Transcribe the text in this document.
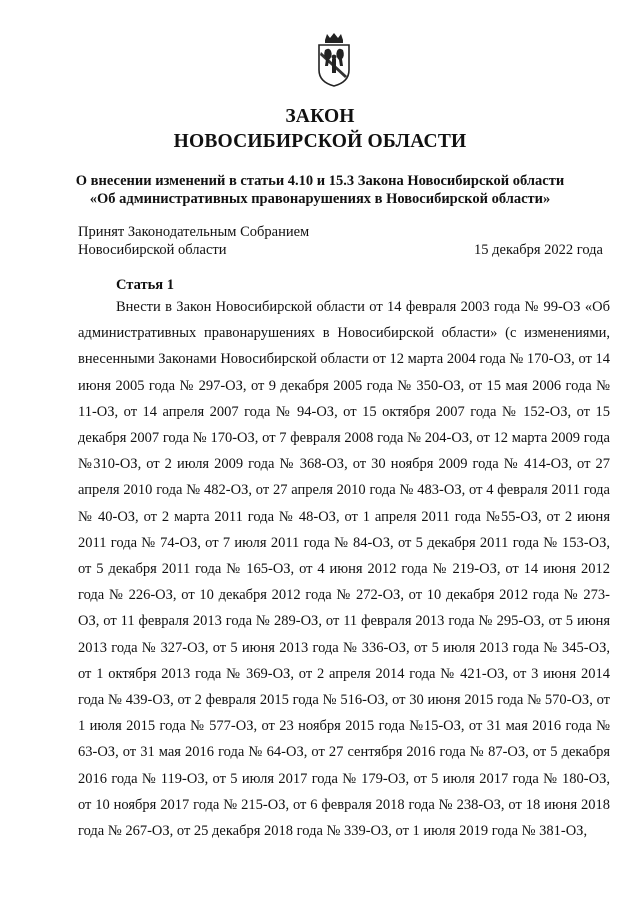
ЗАКОН
НОВОСИБИРСКОЙ ОБЛАСТИ

О внесении изменений в статьи 4.10 и 15.3 Закона Новосибирской области

«Об административных правонарушениях в Новосибирской области»

Принят Законодательным Собранием
Новосибирской области	15 декабря 2022 года
Статья 1

Внести в Закон Новосибирской области от 14 февраля 2003 года № 99-ОЗ «Об административных правонарушениях в Новосибирской области» (с изменениями, внесенными Законами Новосибирской области от 12 марта 2004 года № 170-ОЗ, от 14 июня 2005 года № 297-ОЗ, от 9 декабря 2005 года № 350-ОЗ, от 15 мая 2006 года № 11-ОЗ, от 14 апреля 2007 года № 94-ОЗ, от 15 октября 2007 года № 152-ОЗ, от 15 декабря 2007 года № 170-ОЗ, от 7 февраля 2008 года № 204-ОЗ, от 12 марта 2009 года №310-ОЗ, от 2 июля 2009 года № 368-ОЗ, от 30 ноября 2009 года № 414-ОЗ, от 27 апреля 2010 года № 482-ОЗ, от 27 апреля 2010 года № 483-ОЗ, от 4 февраля 2011 года № 40-ОЗ, от 2 марта 2011 года № 48-ОЗ, от 1 апреля 2011 года №55-ОЗ, от 2 июня 2011 года № 74-ОЗ, от 7 июля 2011 года № 84-ОЗ, от 5 декабря 2011 года № 153-ОЗ, от 5 декабря 2011 года № 165-ОЗ, от 4 июня 2012 года № 219-ОЗ, от 14 июня 2012 года № 226-ОЗ, от 10 декабря 2012 года № 272-ОЗ, от 10 декабря 2012 года № 273-ОЗ, от 11 февраля 2013 года № 289-ОЗ, от 11 февраля 2013 года № 295-ОЗ, от 5 июня 2013 года № 327-ОЗ, от 5 июня 2013 года № 336-ОЗ, от 5 июля 2013 года № 345-ОЗ, от 1 октября 2013 года № 369-ОЗ, от 2 апреля 2014 года № 421-ОЗ, от 3 июня 2014 года № 439-ОЗ, от 2 февраля 2015 года № 516-ОЗ, от 30 июня 2015 года № 570-ОЗ, от 1 июля 2015 года № 577-ОЗ, от 23 ноября 2015 года №15-ОЗ, от 31 мая 2016 года № 63-ОЗ, от 31 мая 2016 года № 64-ОЗ, от 27 сентября 2016 года № 87-ОЗ, от 5 декабря 2016 года № 119-ОЗ, от 5 июля 2017 года № 179-ОЗ, от 5 июля 2017 года № 180-ОЗ, от 10 ноября 2017 года № 215-ОЗ, от 6 февраля 2018 года № 238-ОЗ, от 18 июня 2018 года № 267-ОЗ, от 25 декабря 2018 года № 339-ОЗ, от 1 июля 2019 года № 381-ОЗ,
